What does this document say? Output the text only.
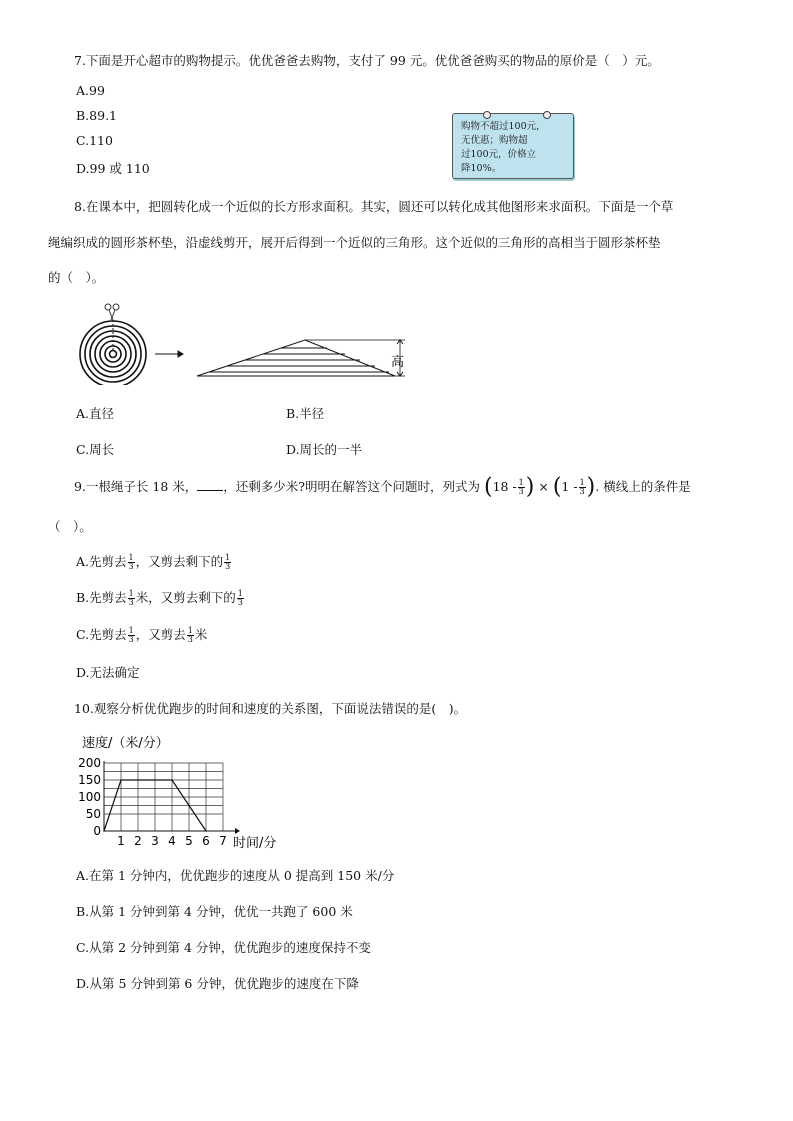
7.下面是开心超市的购物提示。优优爸爸去购物，支付了 99 元。优优爸爸购买的物品的原价是（　）元。
A.99
B.89.1
C.110
D.99 或 110
购物不超过100元，
无优惠；购物超
过100元，价格立
降10%。
8.在课本中，把圆转化成一个近似的长方形求面积。其实，圆还可以转化成其他图形来求面积。下面是一个草
绳编织成的圆形茶杯垫，沿虚线剪开，展开后得到一个近似的三角形。这个近似的三角形的高相当于圆形茶杯垫
的（　）。
高
A.直径	B.半径
C.周长	D.周长的一半
9.一根绳子长 18 米， ，还剩多少米?明明在解答这个问题时，列式为 ($18 - \frac{1}{3}$ ) × ($1 - \frac{1}{3}$ ). 横线上的条件是
（　）。
A.先剪去 $\frac{1}{3}$ ，又剪去剩下的 $\frac{1}{3}$
B.先剪去 $\frac{1}{3}$ 米，又剪去剩下的 $\frac{1}{3}$
C.先剪去 $\frac{1}{3}$ ，又剪去 $\frac{1}{3}$ 米
D.无法确定
10.观察分析优优跑步的时间和速度的关系图，下面说法错误的是(　)。
速度/（米/分）
0
50
100
150
200
1 2 3 4 5 6 7 时间/分
A.在第 1 分钟内，优优跑步的速度从 0 提高到 150 米/分
B.从第 1 分钟到第 4 分钟，优优一共跑了 600 米
C.从第 2 分钟到第 4 分钟，优优跑步的速度保持不变
D.从第 5 分钟到第 6 分钟，优优跑步的速度在下降
